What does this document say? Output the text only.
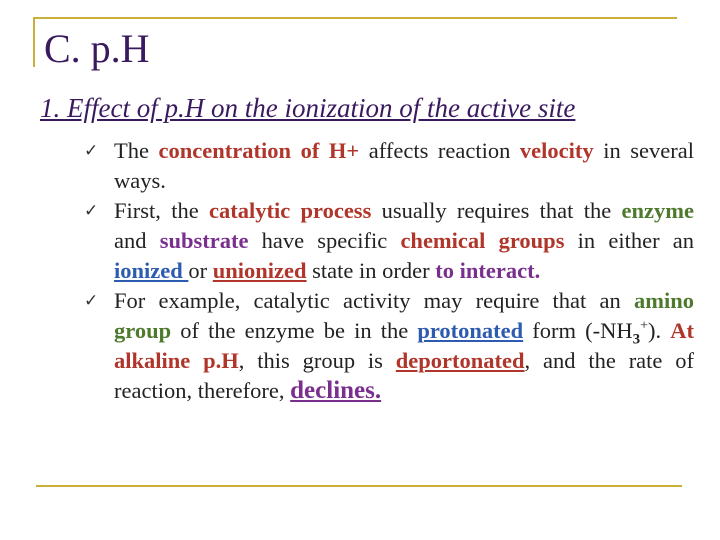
C. p.H
1. Effect of p.H on the ionization of the active site
✓ The concentration of H+ affects reaction velocity in several ways.
✓ First, the catalytic process usually requires that the enzyme and substrate have specific chemical groups in either an ionized or unionized state in order to interact.
✓ For example, catalytic activity may require that an amino group of the enzyme be in the protonated form $(-NH_3^+)$. At alkaline p.H, this group is deportonated, and the rate of reaction, therefore, declines.
